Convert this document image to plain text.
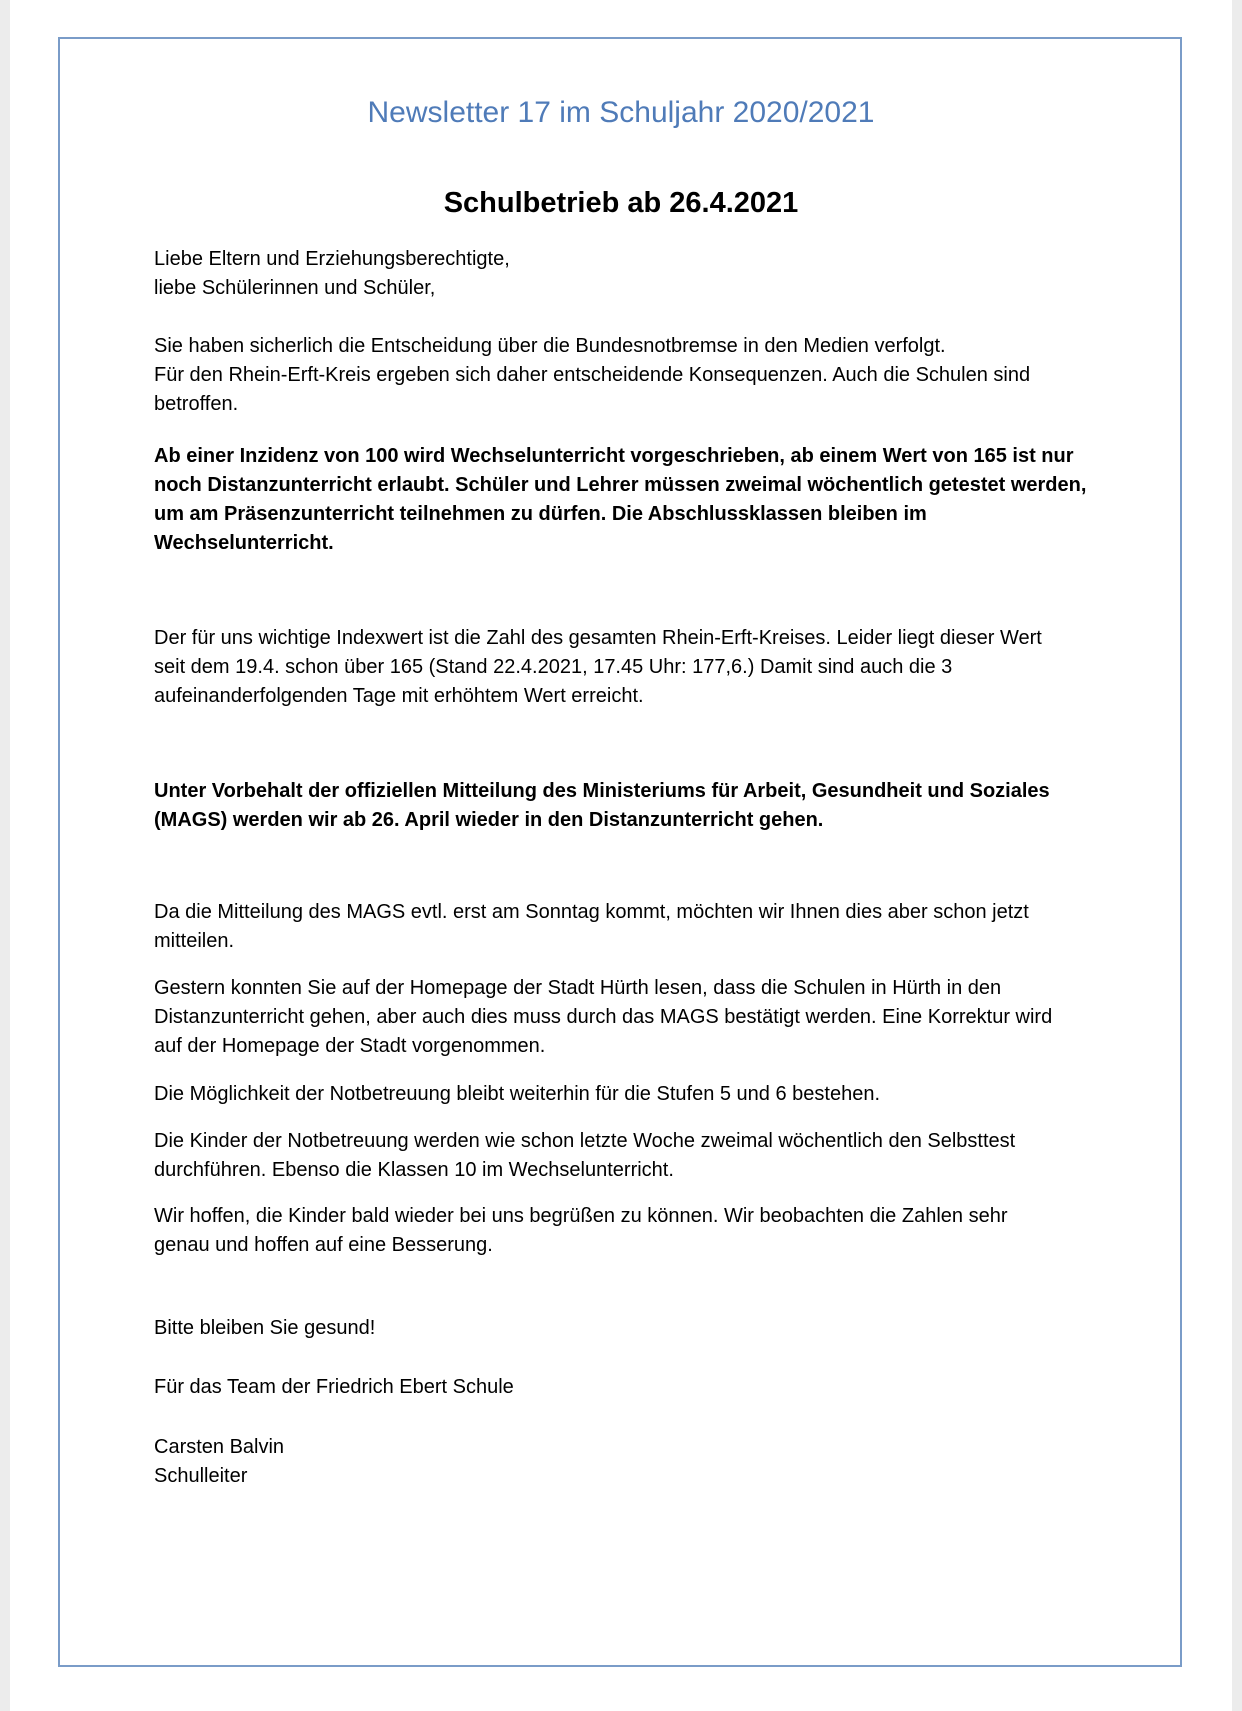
Newsletter 17 im Schuljahr 2020/2021
Schulbetrieb ab 26.4.2021
Liebe Eltern und Erziehungsberechtigte,
liebe Schülerinnen und Schüler,
Sie haben sicherlich die Entscheidung über die Bundesnotbremse in den Medien verfolgt.
Für den Rhein-Erft-Kreis ergeben sich daher entscheidende Konsequenzen. Auch die Schulen sind
betroffen.
Ab einer Inzidenz von 100 wird Wechselunterricht vorgeschrieben, ab einem Wert von 165 ist nur
noch Distanzunterricht erlaubt. Schüler und Lehrer müssen zweimal wöchentlich getestet werden,
um am Präsenzunterricht teilnehmen zu dürfen. Die Abschlussklassen bleiben im
Wechselunterricht.
Der für uns wichtige Indexwert ist die Zahl des gesamten Rhein-Erft-Kreises. Leider liegt dieser Wert
seit dem 19.4. schon über 165 (Stand 22.4.2021, 17.45 Uhr: 177,6.) Damit sind auch die 3
aufeinanderfolgenden Tage mit erhöhtem Wert erreicht.
Unter Vorbehalt der offiziellen Mitteilung des Ministeriums für Arbeit, Gesundheit und Soziales
(MAGS) werden wir ab 26. April wieder in den Distanzunterricht gehen.
Da die Mitteilung des MAGS evtl. erst am Sonntag kommt, möchten wir Ihnen dies aber schon jetzt
mitteilen.
Gestern konnten Sie auf der Homepage der Stadt Hürth lesen, dass die Schulen in Hürth in den
Distanzunterricht gehen, aber auch dies muss durch das MAGS bestätigt werden. Eine Korrektur wird
auf der Homepage der Stadt vorgenommen.
Die Möglichkeit der Notbetreuung bleibt weiterhin für die Stufen 5 und 6 bestehen.
Die Kinder der Notbetreuung werden wie schon letzte Woche zweimal wöchentlich den Selbsttest
durchführen. Ebenso die Klassen 10 im Wechselunterricht.
Wir hoffen, die Kinder bald wieder bei uns begrüßen zu können. Wir beobachten die Zahlen sehr
genau und hoffen auf eine Besserung.
Bitte bleiben Sie gesund!
Für das Team der Friedrich Ebert Schule
Carsten Balvin
Schulleiter
